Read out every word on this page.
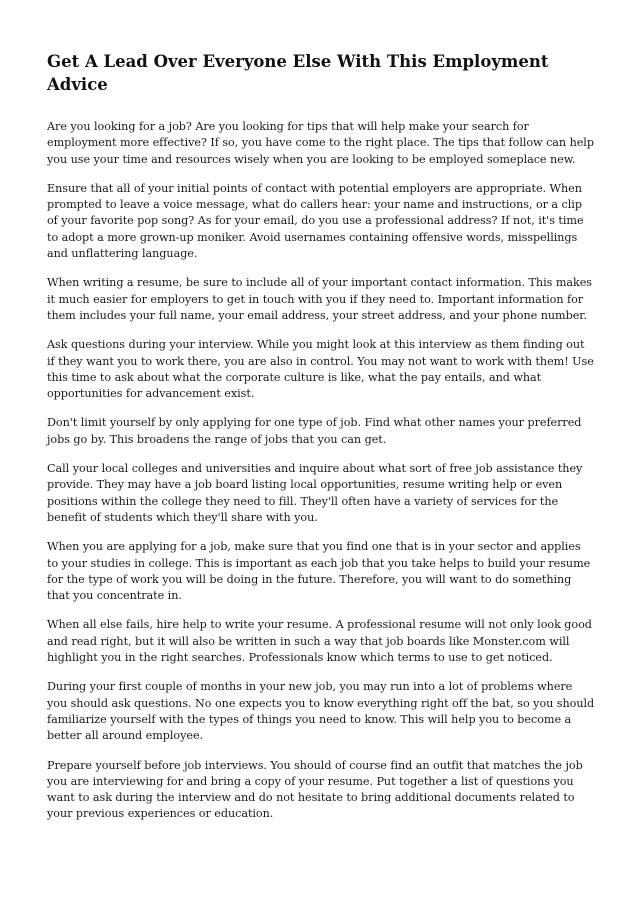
Get A Lead Over Everyone Else With This Employment Advice

Are you looking for a job? Are you looking for tips that will help make your search for employment more effective? If so, you have come to the right place. The tips that follow can help you use your time and resources wisely when you are looking to be employed someplace new.

Ensure that all of your initial points of contact with potential employers are appropriate. When prompted to leave a voice message, what do callers hear: your name and instructions, or a clip of your favorite pop song? As for your email, do you use a professional address? If not, it's time to adopt a more grown-up moniker. Avoid usernames containing offensive words, misspellings and unflattering language.

When writing a resume, be sure to include all of your important contact information. This makes it much easier for employers to get in touch with you if they need to. Important information for them includes your full name, your email address, your street address, and your phone number.

Ask questions during your interview. While you might look at this interview as them finding out if they want you to work there, you are also in control. You may not want to work with them! Use this time to ask about what the corporate culture is like, what the pay entails, and what opportunities for advancement exist.

Don't limit yourself by only applying for one type of job. Find what other names your preferred jobs go by. This broadens the range of jobs that you can get.

Call your local colleges and universities and inquire about what sort of free job assistance they provide. They may have a job board listing local opportunities, resume writing help or even positions within the college they need to fill. They'll often have a variety of services for the benefit of students which they'll share with you.

When you are applying for a job, make sure that you find one that is in your sector and applies to your studies in college. This is important as each job that you take helps to build your resume for the type of work you will be doing in the future. Therefore, you will want to do something that you concentrate in.

When all else fails, hire help to write your resume. A professional resume will not only look good and read right, but it will also be written in such a way that job boards like Monster.com will highlight you in the right searches. Professionals know which terms to use to get noticed.

During your first couple of months in your new job, you may run into a lot of problems where you should ask questions. No one expects you to know everything right off the bat, so you should familiarize yourself with the types of things you need to know. This will help you to become a better all around employee.

Prepare yourself before job interviews. You should of course find an outfit that matches the job you are interviewing for and bring a copy of your resume. Put together a list of questions you want to ask during the interview and do not hesitate to bring additional documents related to your previous experiences or education.
